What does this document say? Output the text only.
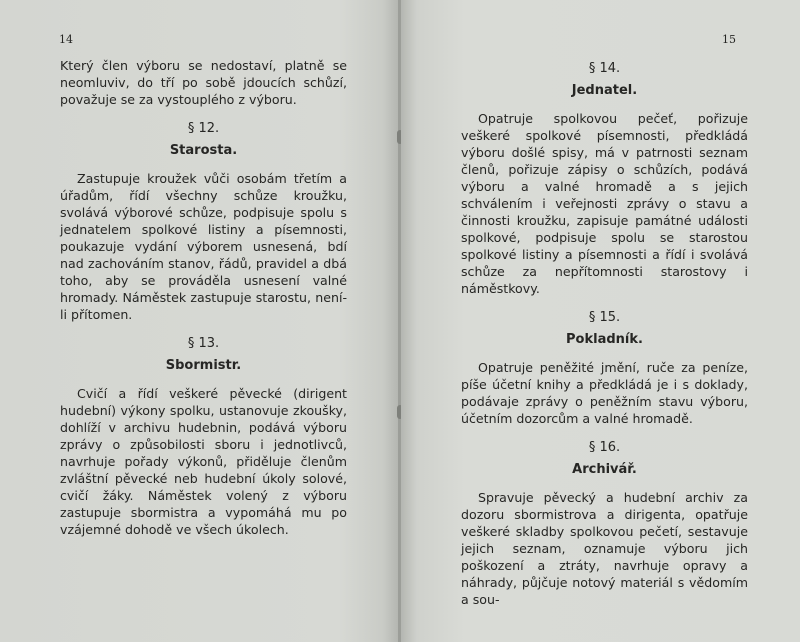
14

Který člen výboru se nedostaví, platně se neomluviv, do tří po sobě jdoucích schůzí, považuje se za vystouplého z výboru.

§ 12.
Starosta.

Zastupuje kroužek vůči osobám třetím a úřadům, řídí všechny schůze kroužku, svolává výborové schůze, podpisuje spolu s jednatelem spolkové listiny a písemnosti, poukazuje vydání výborem usnesená, bdí nad zachováním stanov, řádů, pravidel a dbá toho, aby se prováděla usnesení valné hromady. Náměstek zastupuje starostu, není-li přítomen.

§ 13.
Sbormistr.

Cvičí a řídí veškeré pěvecké (dirigent hudební) výkony spolku, ustanovuje zkoušky, dohlíží v archivu hudebnin, podává výboru zprávy o způsobilosti sboru i jednotlivců, navrhuje pořady výkonů, přiděluje členům zvláštní pěvecké neb hudební úkoly solové, cvičí žáky. Náměstek volený z výboru zastupuje sbormistra a vypomáhá mu po vzájemné dohodě ve všech úkolech.

15
§ 14.
Jednatel.

Opatruje spolkovou pečeť, pořizuje veškeré spolkové písemnosti, předkládá výboru došlé spisy, má v patrnosti seznam členů, pořizuje zápisy o schůzích, podává výboru a valné hromadě a s jejich schválením i veřejnosti zprávy o stavu a činnosti kroužku, zapisuje památné události spolkové, podpisuje spolu se starostou spolkové listiny a písemnosti a řídí i svolává schůze za nepřítomnosti starostovy i náměstkovy.

§ 15.
Pokladník.

Opatruje peněžité jmění, ruče za peníze, píše účetní knihy a předkládá je i s doklady, podávaje zprávy o peněžním stavu výboru, účetním dozorcům a valné hromadě.

§ 16.
Archivář.

Spravuje pěvecký a hudební archiv za dozoru sbormistrova a dirigenta, opatřuje veškeré skladby spolkovou pečetí, sestavuje jejich seznam, oznamuje výboru jich poškození a ztráty, navrhuje opravy a náhrady, půjčuje notový materiál s vědomím a sou-
